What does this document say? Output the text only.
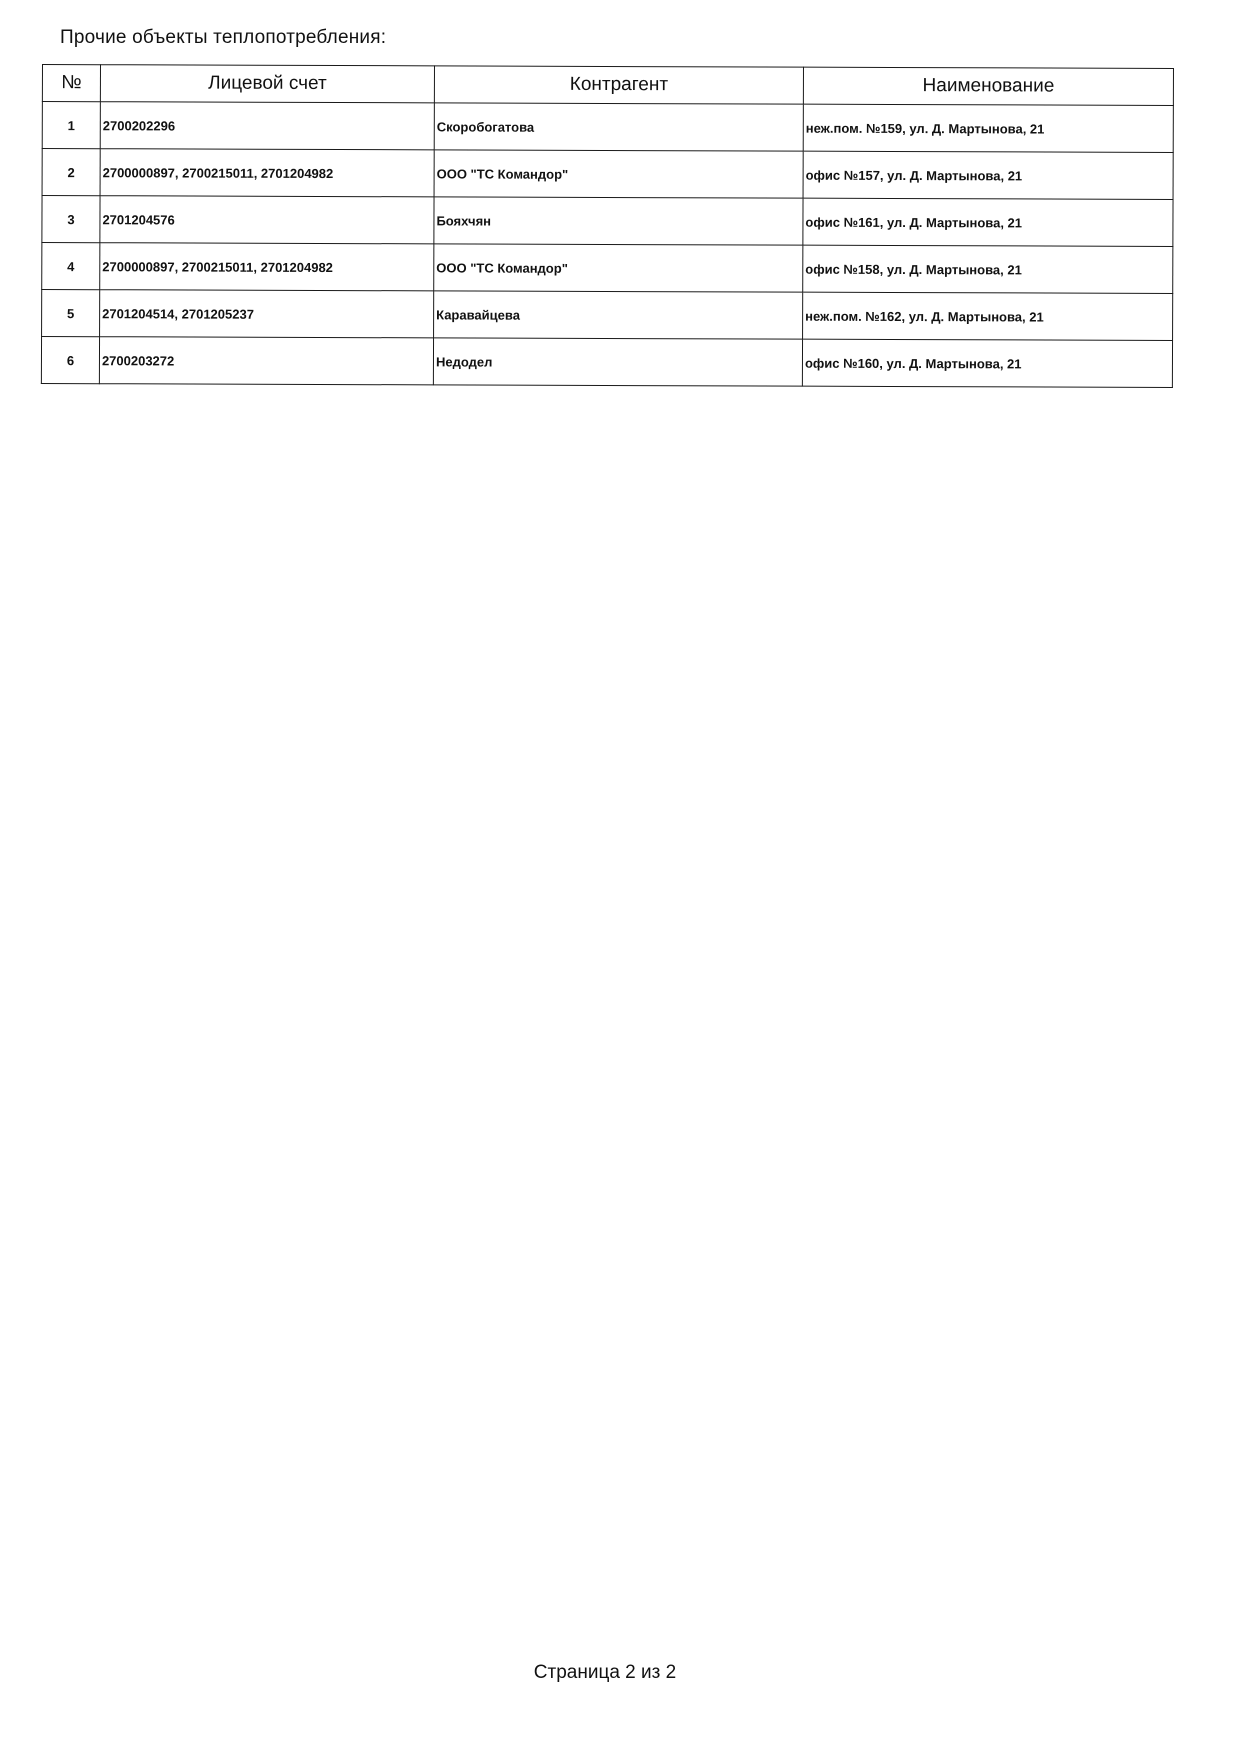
Прочие объекты теплопотребления:
№	Лицевой счет	Контрагент	Наименование
1	2700202296	Скоробогатова	неж.пом. №159, ул. Д. Мартынова, 21
2	2700000897, 2700215011, 2701204982	ООО "ТС Командор"	офис №157, ул. Д. Мартынова, 21
3	2701204576	Бояхчян	офис №161, ул. Д. Мартынова, 21
4	2700000897, 2700215011, 2701204982	ООО "ТС Командор"	офис №158, ул. Д. Мартынова, 21
5	2701204514, 2701205237	Каравайцева	неж.пом. №162, ул. Д. Мартынова, 21
6	2700203272	Недодел	офис №160, ул. Д. Мартынова, 21
Страница 2 из 2
